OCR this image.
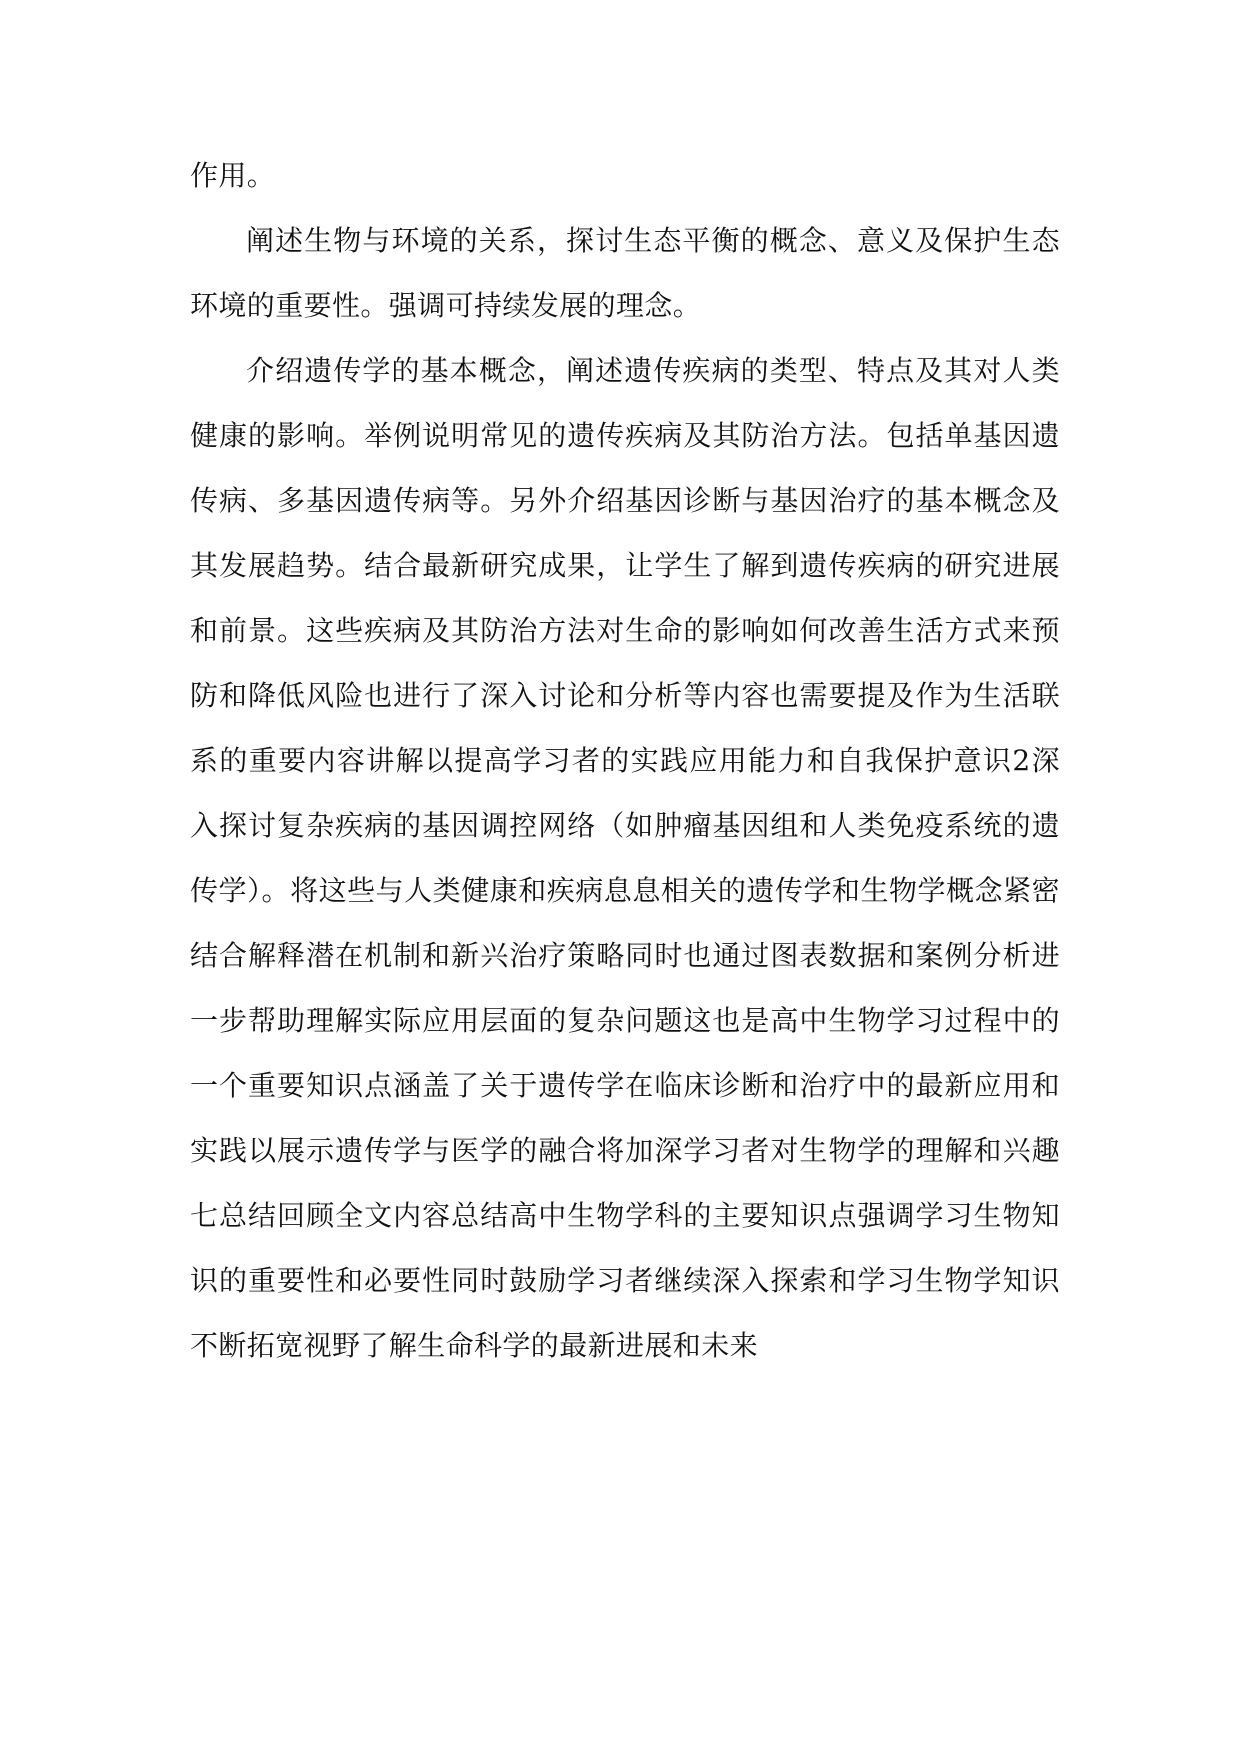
作用。

阐述生物与环境的关系，探讨生态平衡的概念、意义及保护生态环境的重要性。强调可持续发展的理念。

介绍遗传学的基本概念，阐述遗传疾病的类型、特点及其对人类健康的影响。举例说明常见的遗传疾病及其防治方法。包括单基因遗传病、多基因遗传病等。另外介绍基因诊断与基因治疗的基本概念及其发展趋势。结合最新研究成果，让学生了解到遗传疾病的研究进展和前景。这些疾病及其防治方法对生命的影响如何改善生活方式来预防和降低风险也进行了深入讨论和分析等内容也需要提及作为生活联系的重要内容讲解以提高学习者的实践应用能力和自我保护意识2深入探讨复杂疾病的基因调控网络（如肿瘤基因组和人类免疫系统的遗传学）。将这些与人类健康和疾病息息相关的遗传学和生物学概念紧密结合解释潜在机制和新兴治疗策略同时也通过图表数据和案例分析进一步帮助理解实际应用层面的复杂问题这也是高中生物学习过程中的一个重要知识点涵盖了关于遗传学在临床诊断和治疗中的最新应用和实践以展示遗传学与医学的融合将加深学习者对生物学的理解和兴趣七总结回顾全文内容总结高中生物学科的主要知识点强调学习生物知识的重要性和必要性同时鼓励学习者继续深入探索和学习生物学知识不断拓宽视野了解生命科学的最新进展和未来
